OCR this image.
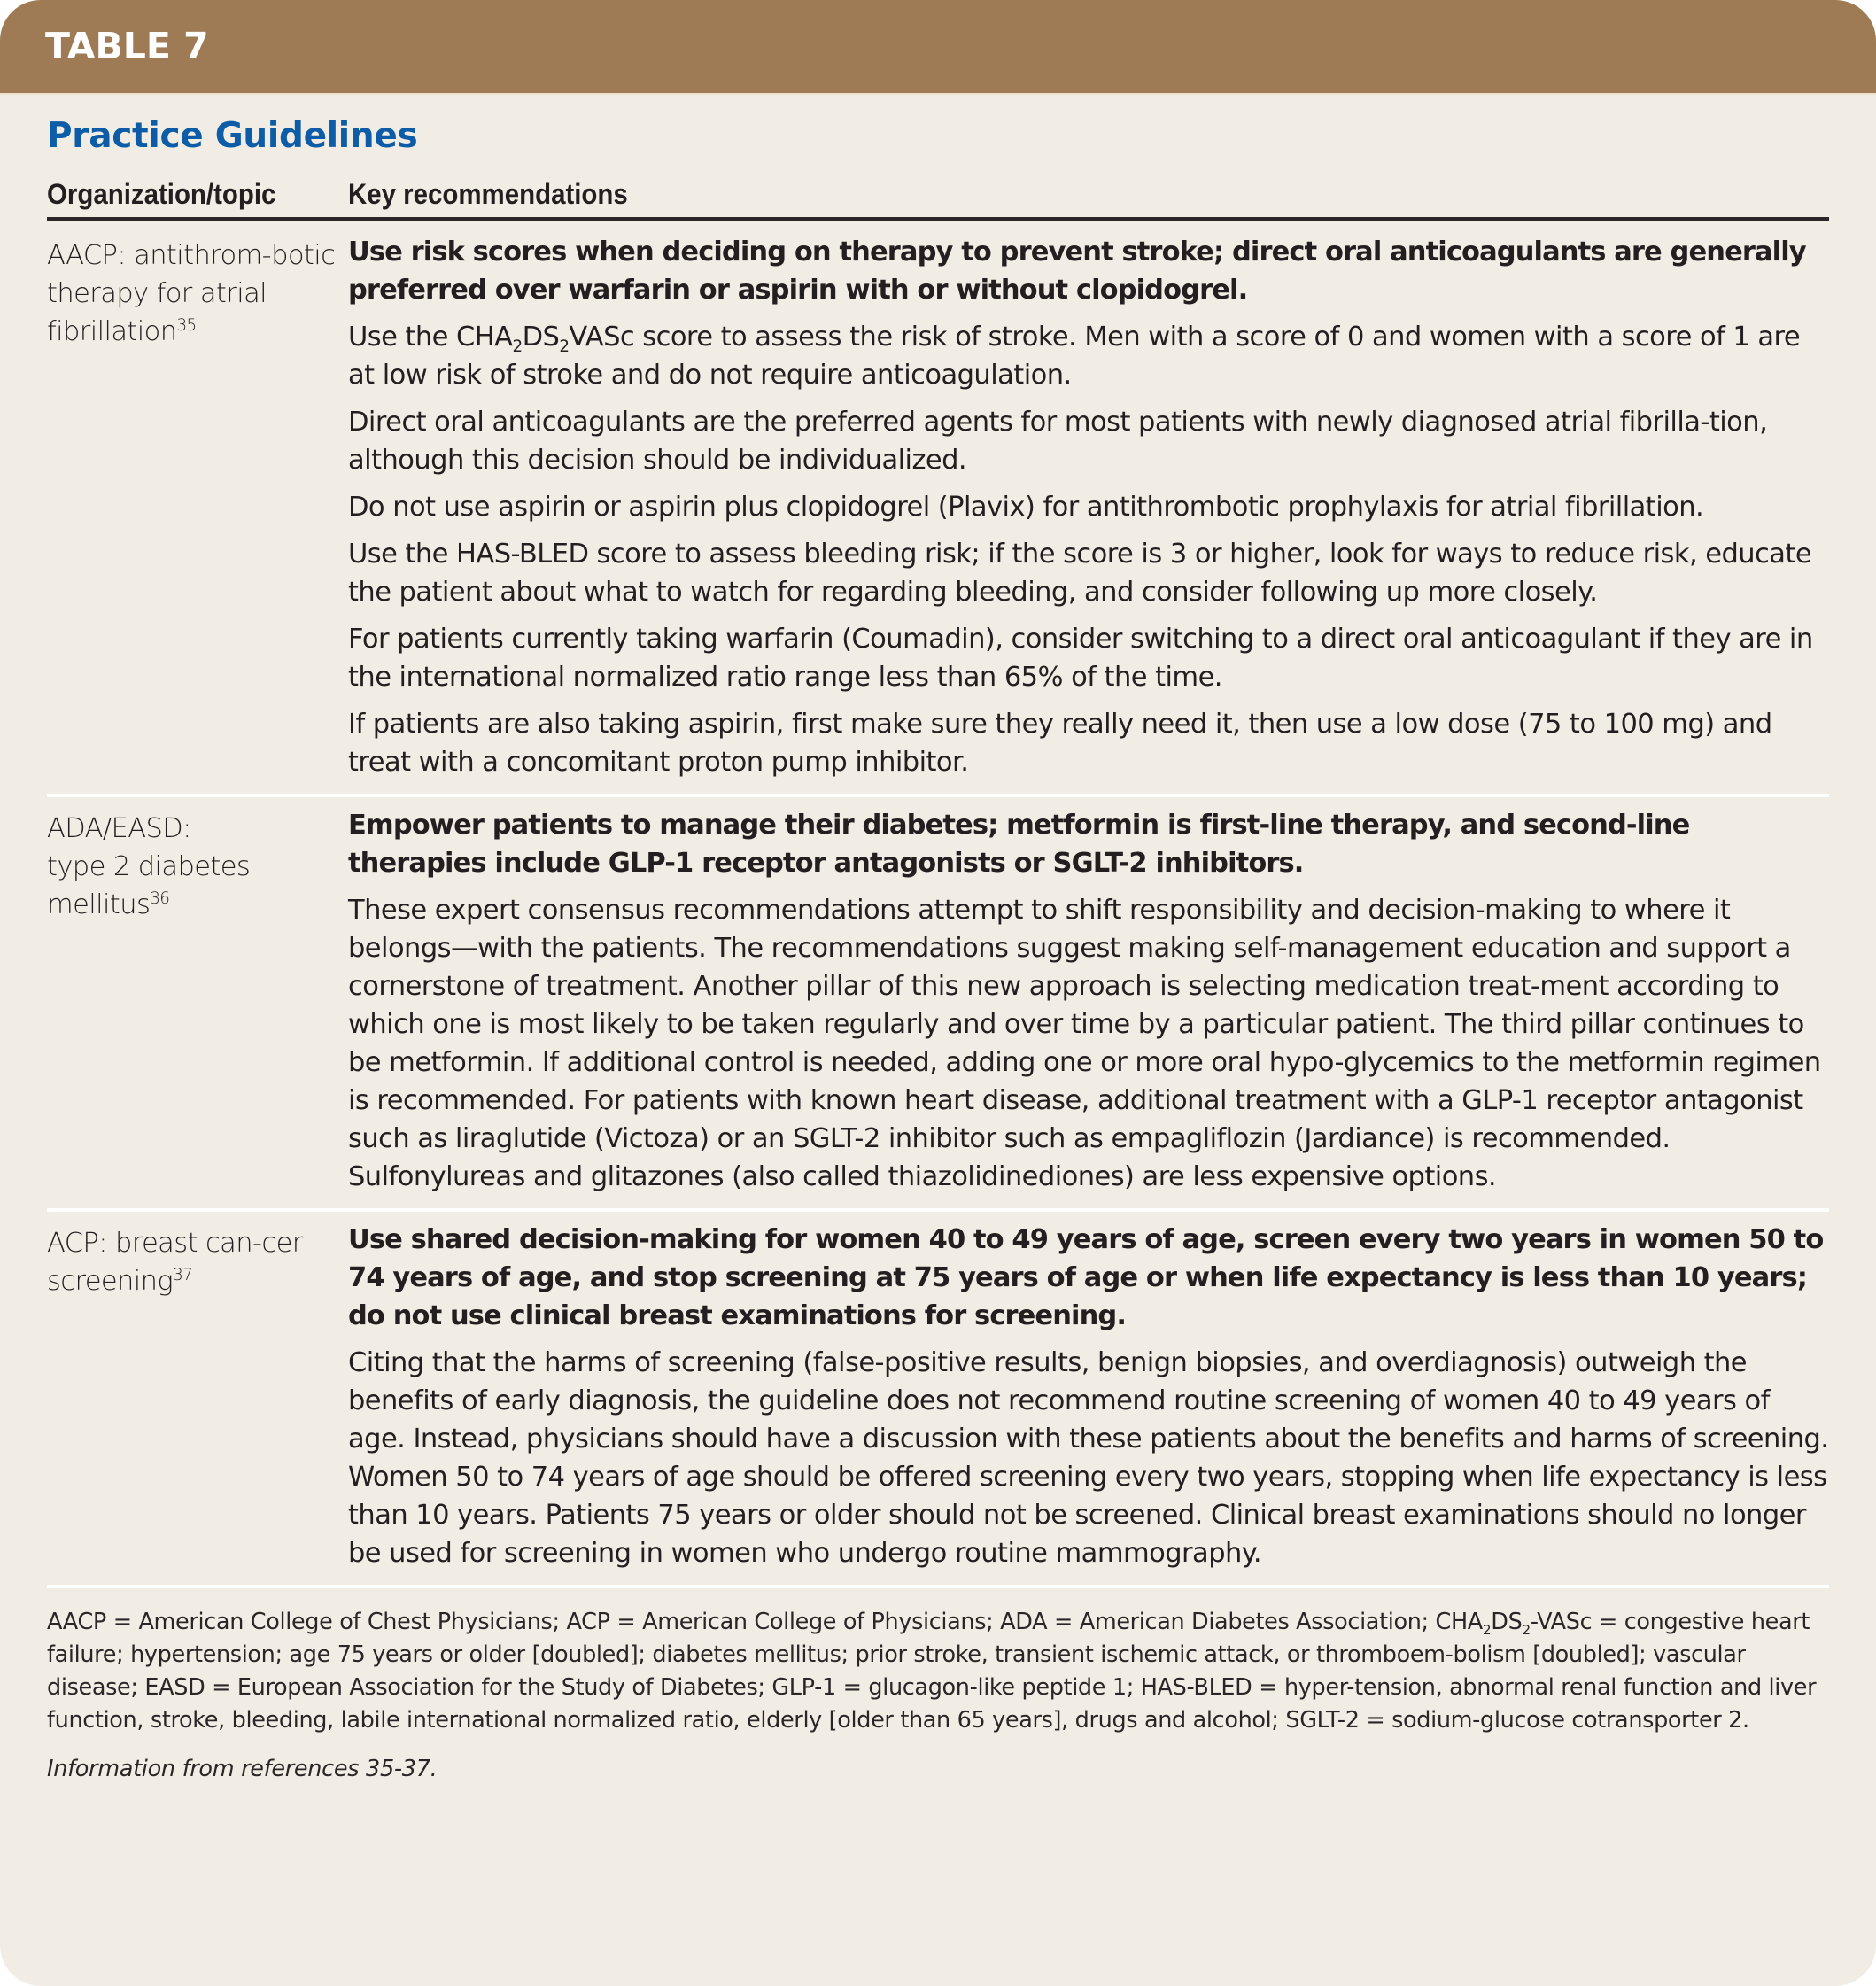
TABLE 7
Practice Guidelines
Organization/topic	Key recommendations
AACP: antithrom-botic therapy for atrial fibrillation$^{35}$

Use risk scores when deciding on therapy to prevent stroke; direct oral anticoagulants are generally preferred over warfarin or aspirin with or without clopidogrel.

Use the $CHA_2DS_2VASc$ score to assess the risk of stroke. Men with a score of 0 and women with a score of 1 are at low risk of stroke and do not require anticoagulation.

Direct oral anticoagulants are the preferred agents for most patients with newly diagnosed atrial fibrilla-tion, although this decision should be individualized.

Do not use aspirin or aspirin plus clopidogrel (Plavix) for antithrombotic prophylaxis for atrial fibrillation.

Use the HAS-BLED score to assess bleeding risk; if the score is 3 or higher, look for ways to reduce risk, educate the patient about what to watch for regarding bleeding, and consider following up more closely.

For patients currently taking warfarin (Coumadin), consider switching to a direct oral anticoagulant if they are in the international normalized ratio range less than 65% of the time.

If patients are also taking aspirin, first make sure they really need it, then use a low dose (75 to 100 mg) and treat with a concomitant proton pump inhibitor.

ADA/EASD:
type 2 diabetes
mellitus$^{36}$

Empower patients to manage their diabetes; metformin is first-line therapy, and second-line therapies include GLP-1 receptor antagonists or SGLT-2 inhibitors.

These expert consensus recommendations attempt to shift responsibility and decision-making to where it belongs—with the patients. The recommendations suggest making self-management education and support a cornerstone of treatment. Another pillar of this new approach is selecting medication treat-ment according to which one is most likely to be taken regularly and over time by a particular patient. The third pillar continues to be metformin. If additional control is needed, adding one or more oral hypo-glycemics to the metformin regimen is recommended. For patients with known heart disease, additional treatment with a GLP-1 receptor antagonist such as liraglutide (Victoza) or an SGLT-2 inhibitor such as empagliflozin (Jardiance) is recommended. Sulfonylureas and glitazones (also called thiazolidinediones) are less expensive options.

ACP: breast can-cer screening$^{37}$

Use shared decision-making for women 40 to 49 years of age, screen every two years in women 50 to 74 years of age, and stop screening at 75 years of age or when life expectancy is less than 10 years; do not use clinical breast examinations for screening.

Citing that the harms of screening (false-positive results, benign biopsies, and overdiagnosis) outweigh the benefits of early diagnosis, the guideline does not recommend routine screening of women 40 to 49 years of age. Instead, physicians should have a discussion with these patients about the benefits and harms of screening. Women 50 to 74 years of age should be offered screening every two years, stopping when life expectancy is less than 10 years. Patients 75 years or older should not be screened. Clinical breast examinations should no longer be used for screening in women who undergo routine mammography.

AACP = American College of Chest Physicians; ACP = American College of Physicians; ADA = American Diabetes Association; $CHA_2DS_2$-VASc = congestive heart failure; hypertension; age 75 years or older [doubled]; diabetes mellitus; prior stroke, transient ischemic attack, or thromboem-bolism [doubled]; vascular disease; EASD = European Association for the Study of Diabetes; GLP-1 = glucagon-like peptide 1; HAS-BLED = hyper-tension, abnormal renal function and liver function, stroke, bleeding, labile international normalized ratio, elderly [older than 65 years], drugs and alcohol; SGLT-2 = sodium-glucose cotransporter 2.
Information from references 35-37.
